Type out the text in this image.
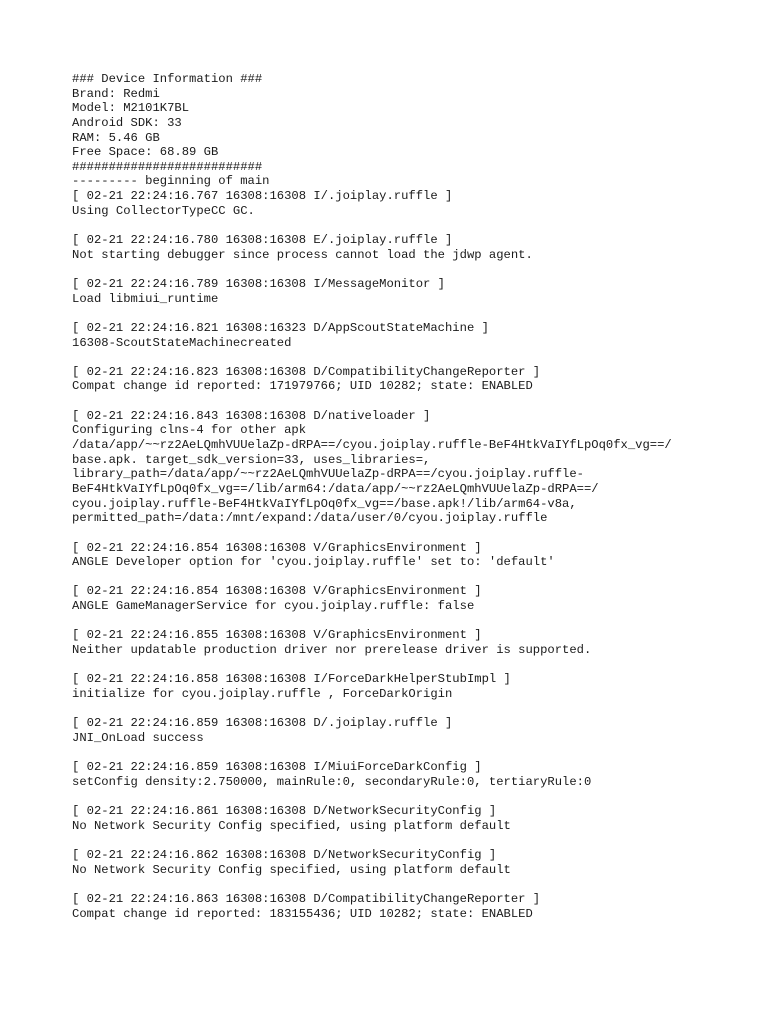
### Device Information ###
Brand: Redmi
Model: M2101K7BL
Android SDK: 33
RAM: 5.46 GB
Free Space: 68.89 GB
##########################
--------- beginning of main
[ 02-21 22:24:16.767 16308:16308 I/.joiplay.ruffle ]
Using CollectorTypeCC GC.
[ 02-21 22:24:16.780 16308:16308 E/.joiplay.ruffle ]
Not starting debugger since process cannot load the jdwp agent.
[ 02-21 22:24:16.789 16308:16308 I/MessageMonitor ]
Load libmiui_runtime
[ 02-21 22:24:16.821 16308:16323 D/AppScoutStateMachine ]
16308-ScoutStateMachinecreated
[ 02-21 22:24:16.823 16308:16308 D/CompatibilityChangeReporter ]
Compat change id reported: 171979766; UID 10282; state: ENABLED
[ 02-21 22:24:16.843 16308:16308 D/nativeloader ]
Configuring clns-4 for other apk
/data/app/~~rz2AeLQmhVUUelaZp-dRPA==/cyou.joiplay.ruffle-BeF4HtkVaIYfLpOq0fx_vg==/
base.apk. target_sdk_version=33, uses_libraries=,
library_path=/data/app/~~rz2AeLQmhVUUelaZp-dRPA==/cyou.joiplay.ruffle-
BeF4HtkVaIYfLpOq0fx_vg==/lib/arm64:/data/app/~~rz2AeLQmhVUUelaZp-dRPA==/
cyou.joiplay.ruffle-BeF4HtkVaIYfLpOq0fx_vg==/base.apk!/lib/arm64-v8a,
permitted_path=/data:/mnt/expand:/data/user/0/cyou.joiplay.ruffle
[ 02-21 22:24:16.854 16308:16308 V/GraphicsEnvironment ]
ANGLE Developer option for 'cyou.joiplay.ruffle' set to: 'default'
[ 02-21 22:24:16.854 16308:16308 V/GraphicsEnvironment ]
ANGLE GameManagerService for cyou.joiplay.ruffle: false
[ 02-21 22:24:16.855 16308:16308 V/GraphicsEnvironment ]
Neither updatable production driver nor prerelease driver is supported.
[ 02-21 22:24:16.858 16308:16308 I/ForceDarkHelperStubImpl ]
initialize for cyou.joiplay.ruffle , ForceDarkOrigin
[ 02-21 22:24:16.859 16308:16308 D/.joiplay.ruffle ]
JNI_OnLoad success
[ 02-21 22:24:16.859 16308:16308 I/MiuiForceDarkConfig ]
setConfig density:2.750000, mainRule:0, secondaryRule:0, tertiaryRule:0
[ 02-21 22:24:16.861 16308:16308 D/NetworkSecurityConfig ]
No Network Security Config specified, using platform default
[ 02-21 22:24:16.862 16308:16308 D/NetworkSecurityConfig ]
No Network Security Config specified, using platform default
[ 02-21 22:24:16.863 16308:16308 D/CompatibilityChangeReporter ]
Compat change id reported: 183155436; UID 10282; state: ENABLED
